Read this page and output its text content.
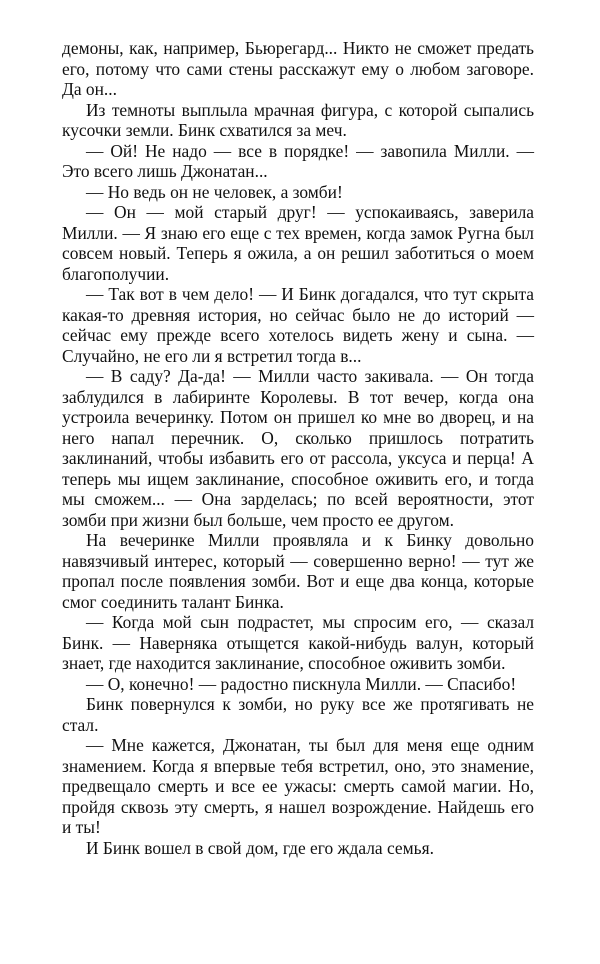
демоны, как, например, Бьюрегард... Никто не сможет предать его, потому что сами стены расскажут ему о любом заговоре. Да он...

Из темноты выплыла мрачная фигура, с которой сыпались кусочки земли. Бинк схватился за меч.

— Ой! Не надо — все в порядке! — завопила Милли. — Это всего лишь Джонатан...

— Но ведь он не человек, а зомби!

— Он — мой старый друг! — успокаиваясь, заверила Милли. — Я знаю его еще с тех времен, когда замок Ругна был совсем новый. Теперь я ожила, а он решил заботиться о моем благополучии.

— Так вот в чем дело! — И Бинк догадался, что тут скрыта какая-то древняя история, но сейчас было не до историй — сейчас ему прежде всего хотелось видеть жену и сына. — Случайно, не его ли я встретил тогда в...

— В саду? Да-да! — Милли часто закивала. — Он тогда заблудился в лабиринте Королевы. В тот вечер, когда она устроила вечеринку. Потом он пришел ко мне во дворец, и на него напал перечник. О, сколько пришлось потратить заклинаний, чтобы избавить его от рассола, уксуса и перца! А теперь мы ищем заклинание, способное оживить его, и тогда мы сможем... — Она зарделась; по всей вероятности, этот зомби при жизни был больше, чем просто ее другом.

На вечеринке Милли проявляла и к Бинку довольно навязчивый интерес, который — совершенно верно! — тут же пропал после появления зомби. Вот и еще два конца, которые смог соединить талант Бинка.

— Когда мой сын подрастет, мы спросим его, — сказал Бинк. — Наверняка отыщется какой-нибудь валун, который знает, где находится заклинание, способное оживить зомби.

— О, конечно! — радостно пискнула Милли. — Спасибо!

Бинк повернулся к зомби, но руку все же протягивать не стал.

— Мне кажется, Джонатан, ты был для меня еще одним знамением. Когда я впервые тебя встретил, оно, это знамение, предвещало смерть и все ее ужасы: смерть самой магии. Но, пройдя сквозь эту смерть, я нашел возрождение. Найдешь его и ты!

И Бинк вошел в свой дом, где его ждала семья.
